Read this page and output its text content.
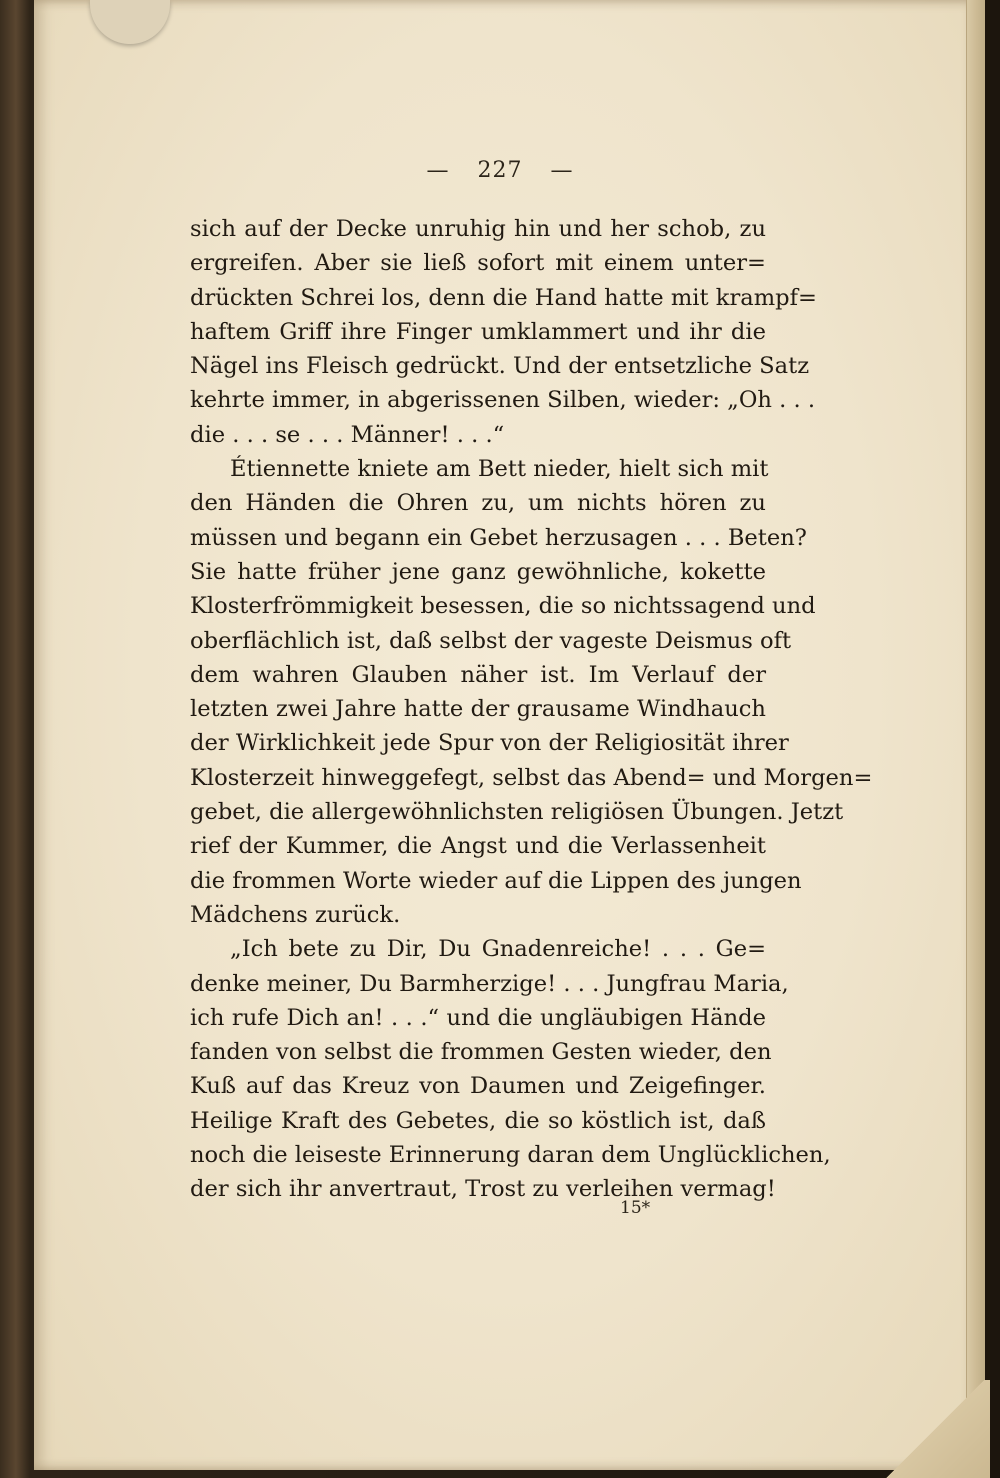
— 227 —
sich auf der Decke unruhig hin und her schob, zu
ergreifen. Aber sie ließ sofort mit einem unter=
drückten Schrei los, denn die Hand hatte mit krampf=
haftem Griff ihre Finger umklammert und ihr die
Nägel ins Fleisch gedrückt. Und der entsetzliche Satz
kehrte immer, in abgerissenen Silben, wieder: „Oh . . .
die . . . se . . . Männer! . . .“
Étiennette kniete am Bett nieder, hielt sich mit
den Händen die Ohren zu, um nichts hören zu
müssen und begann ein Gebet herzusagen . . . Beten?
Sie hatte früher jene ganz gewöhnliche, kokette
Klosterfrömmigkeit besessen, die so nichtssagend und
oberflächlich ist, daß selbst der vageste Deismus oft
dem wahren Glauben näher ist. Im Verlauf der
letzten zwei Jahre hatte der grausame Windhauch
der Wirklichkeit jede Spur von der Religiosität ihrer
Klosterzeit hinweggefegt, selbst das Abend= und Morgen=
gebet, die allergewöhnlichsten religiösen Übungen. Jetzt
rief der Kummer, die Angst und die Verlassenheit
die frommen Worte wieder auf die Lippen des jungen
Mädchens zurück.
„Ich bete zu Dir, Du Gnadenreiche! . . . Ge=
denke meiner, Du Barmherzige! . . . Jungfrau Maria,
ich rufe Dich an! . . .“ und die ungläubigen Hände
fanden von selbst die frommen Gesten wieder, den
Kuß auf das Kreuz von Daumen und Zeigefinger.
Heilige Kraft des Gebetes, die so köstlich ist, daß
noch die leiseste Erinnerung daran dem Unglücklichen,
der sich ihr anvertraut, Trost zu verleihen vermag!
15*
